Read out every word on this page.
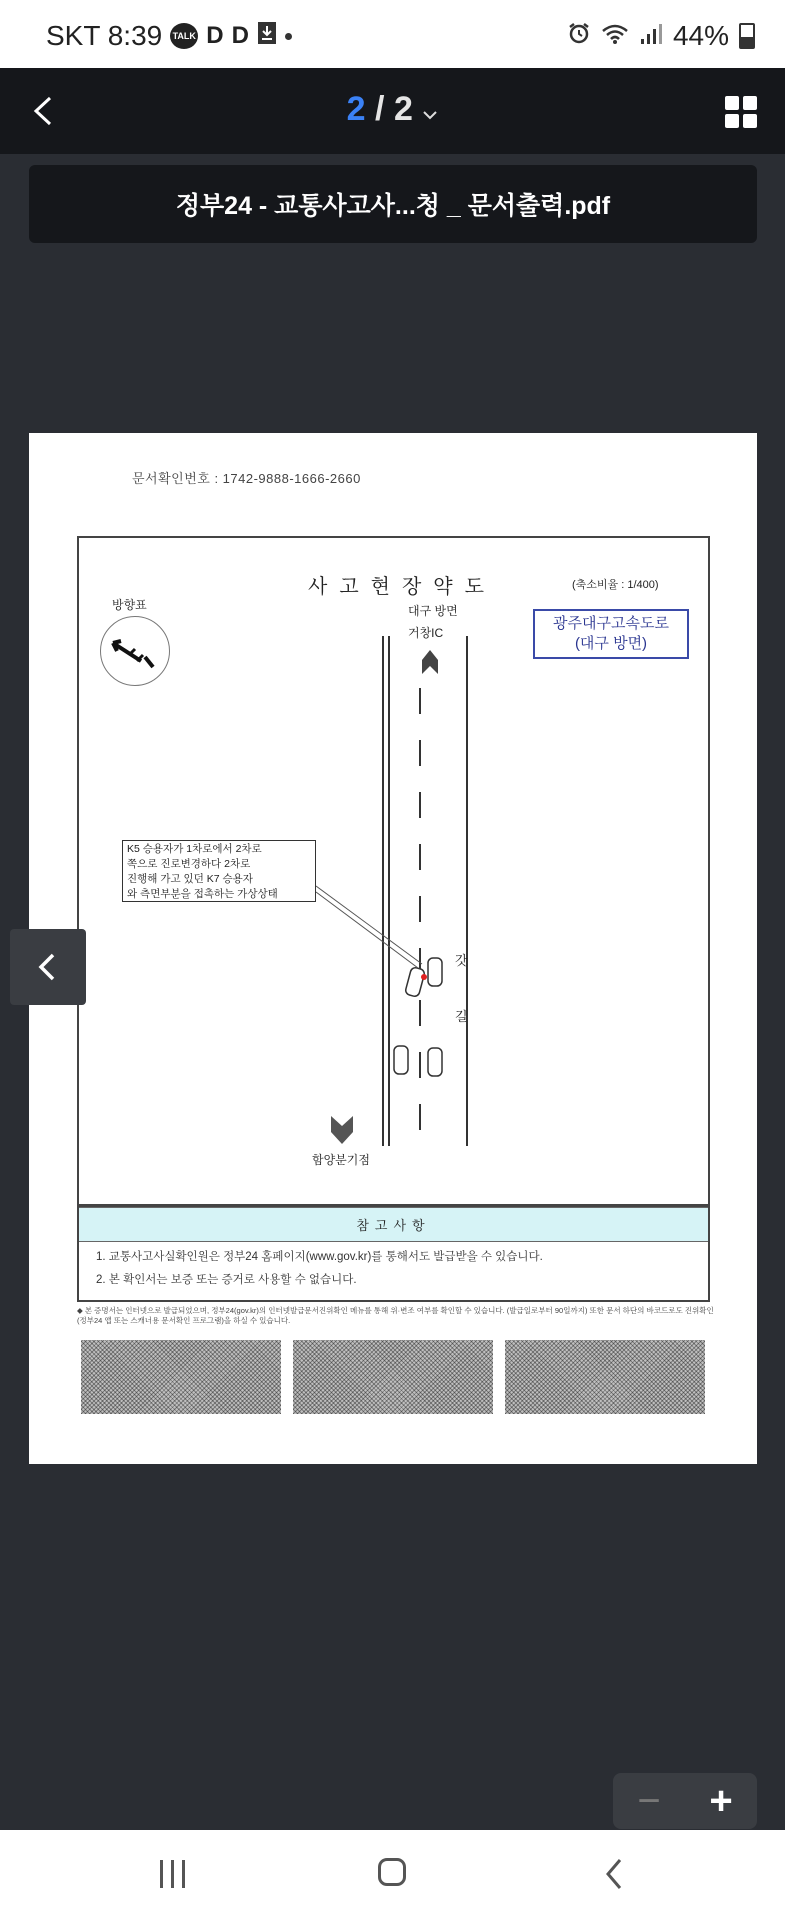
SKT 8:39 TALK D D	44%
2 / 2
정부24 - 교통사고사...청 _ 문서출력.pdf
문서확인번호 : 1742-9888-1666-2660
사고현장약도	(축소비율 : 1/400)
방향표
광주대구고속도로
(대구 방면)
대구 방면
거창IC
K5 승용자가 1차로에서 2차로
쪽으로 진로변경하다 2차로
진행해 가고 있던 K7 승용자
와 측면부분을 접촉하는 가상상태
갓
길
함양분기점
참고사항
1. 교통사고사실확인원은 정부24 홈페이지(www.gov.kr)를 통해서도 발급받을 수 있습니다.
2. 본 확인서는 보증 또는 증거로 사용할 수 없습니다.
◆ 본 증명서는 인터넷으로 발급되었으며, 정부24(gov.kr)의 인터넷발급문서진위확인 메뉴를 통해 위·변조 여부를 확인할 수 있습니다. (발급일로부터 90일까지) 또한 문서 하단의 바코드로도 진위확인(정부24 앱 또는 스캐너용 문서확인 프로그램)을 하실 수 있습니다.
−	+
